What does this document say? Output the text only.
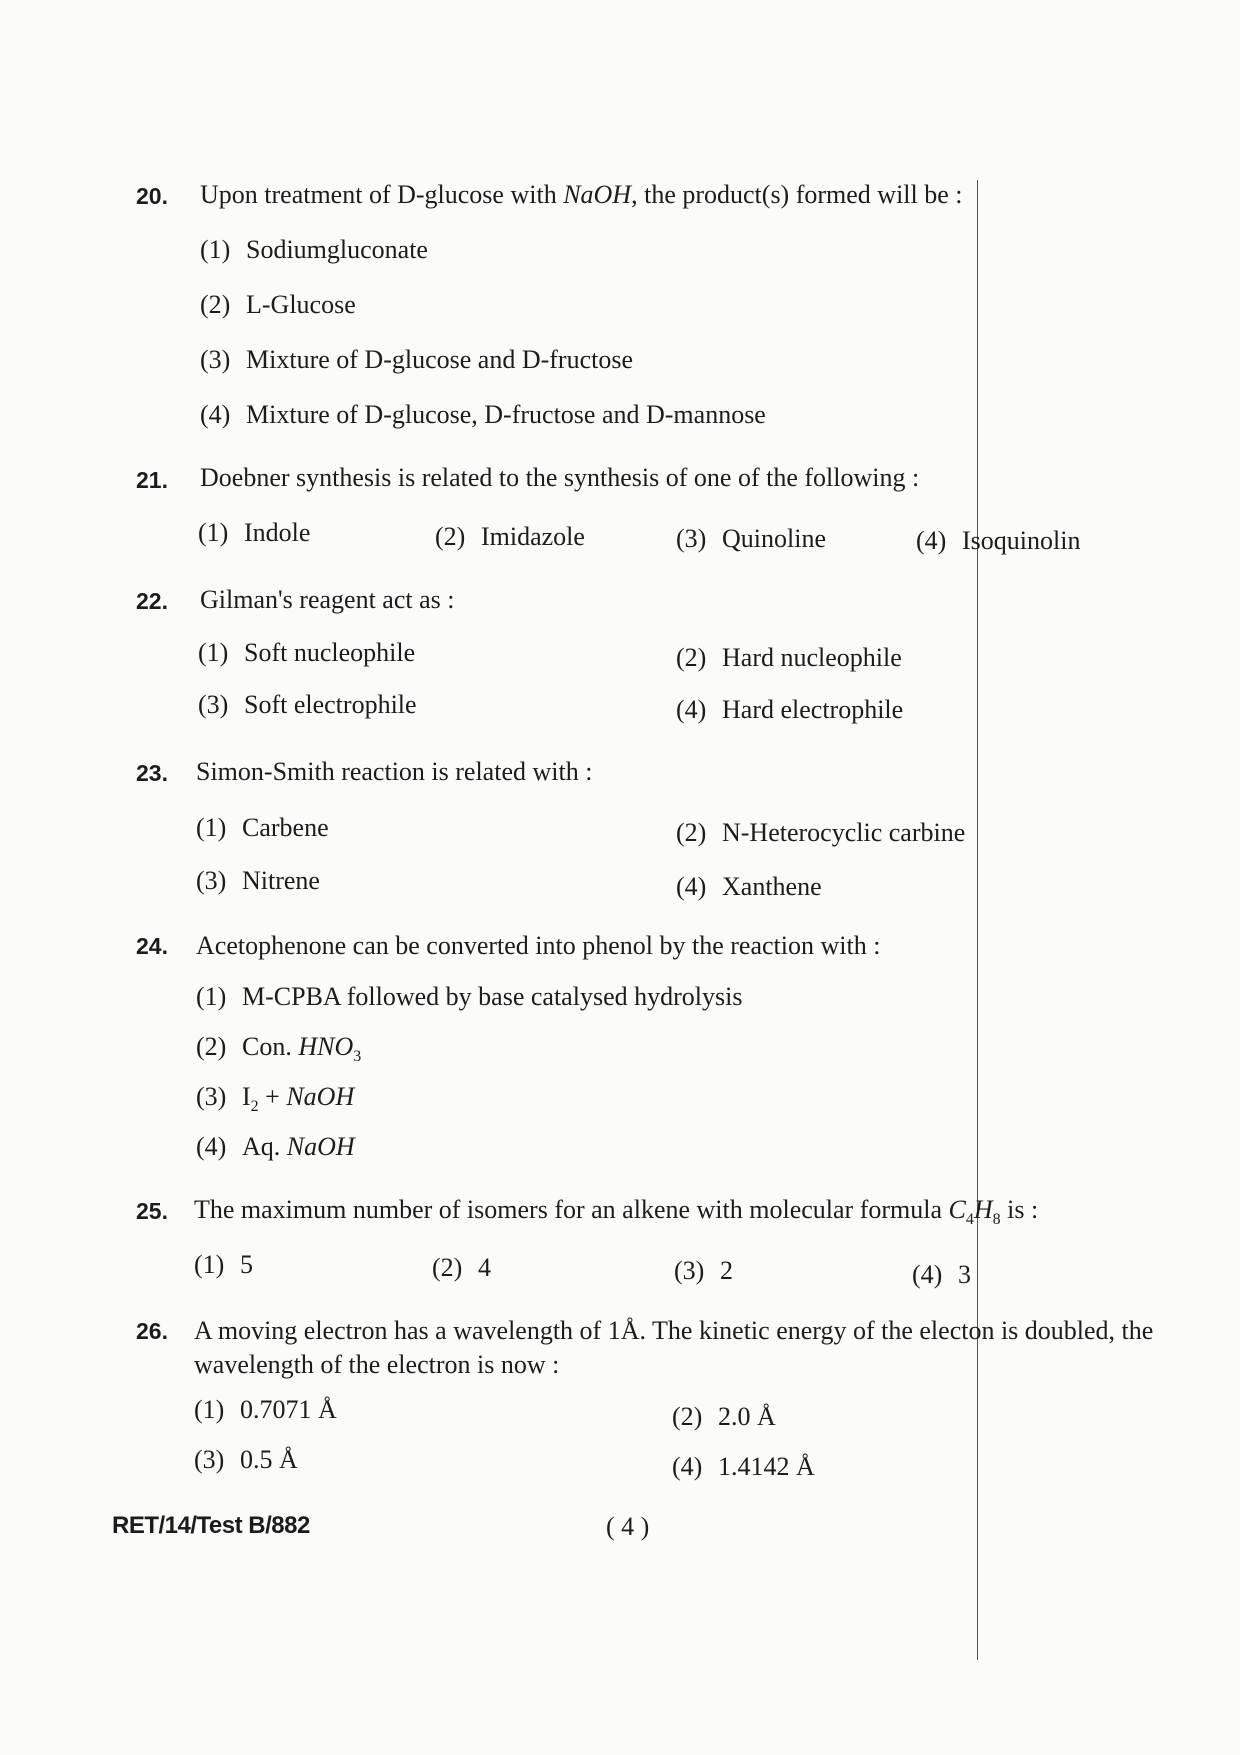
20. Upon treatment of D-glucose with NaOH, the product(s) formed will be :
(1) Sodiumgluconate
(2) L-Glucose
(3) Mixture of D-glucose and D-fructose
(4) Mixture of D-glucose, D-fructose and D-mannose
21. Doebner synthesis is related to the synthesis of one of the following :
(1) Indole	(2) Imidazole	(3) Quinoline	(4) Isoquinolin
22. Gilman's reagent act as :
(1) Soft nucleophile	(2) Hard nucleophile
(3) Soft electrophile	(4) Hard electrophile
23. Simon-Smith reaction is related with :
(1) Carbene	(2) N-Heterocyclic carbine
(3) Nitrene	(4) Xanthene
24. Acetophenone can be converted into phenol by the reaction with :
(1) M-CPBA followed by base catalysed hydrolysis
(2) Con. $HNO_3$
(3) $I_2$ + NaOH
(4) Aq. NaOH
25. The maximum number of isomers for an alkene with molecular formula $C_4H_8$ is :
(1) 5	(2) 4	(3) 2	(4) 3
26. A moving electron has a wavelength of 1Å. The kinetic energy of the electon is doubled, the wavelength of the electron is now :
(1) 0.7071 Å	(2) 2.0 Å
(3) 0.5 Å	(4) 1.4142 Å
RET/14/Test B/882	( 4 )
